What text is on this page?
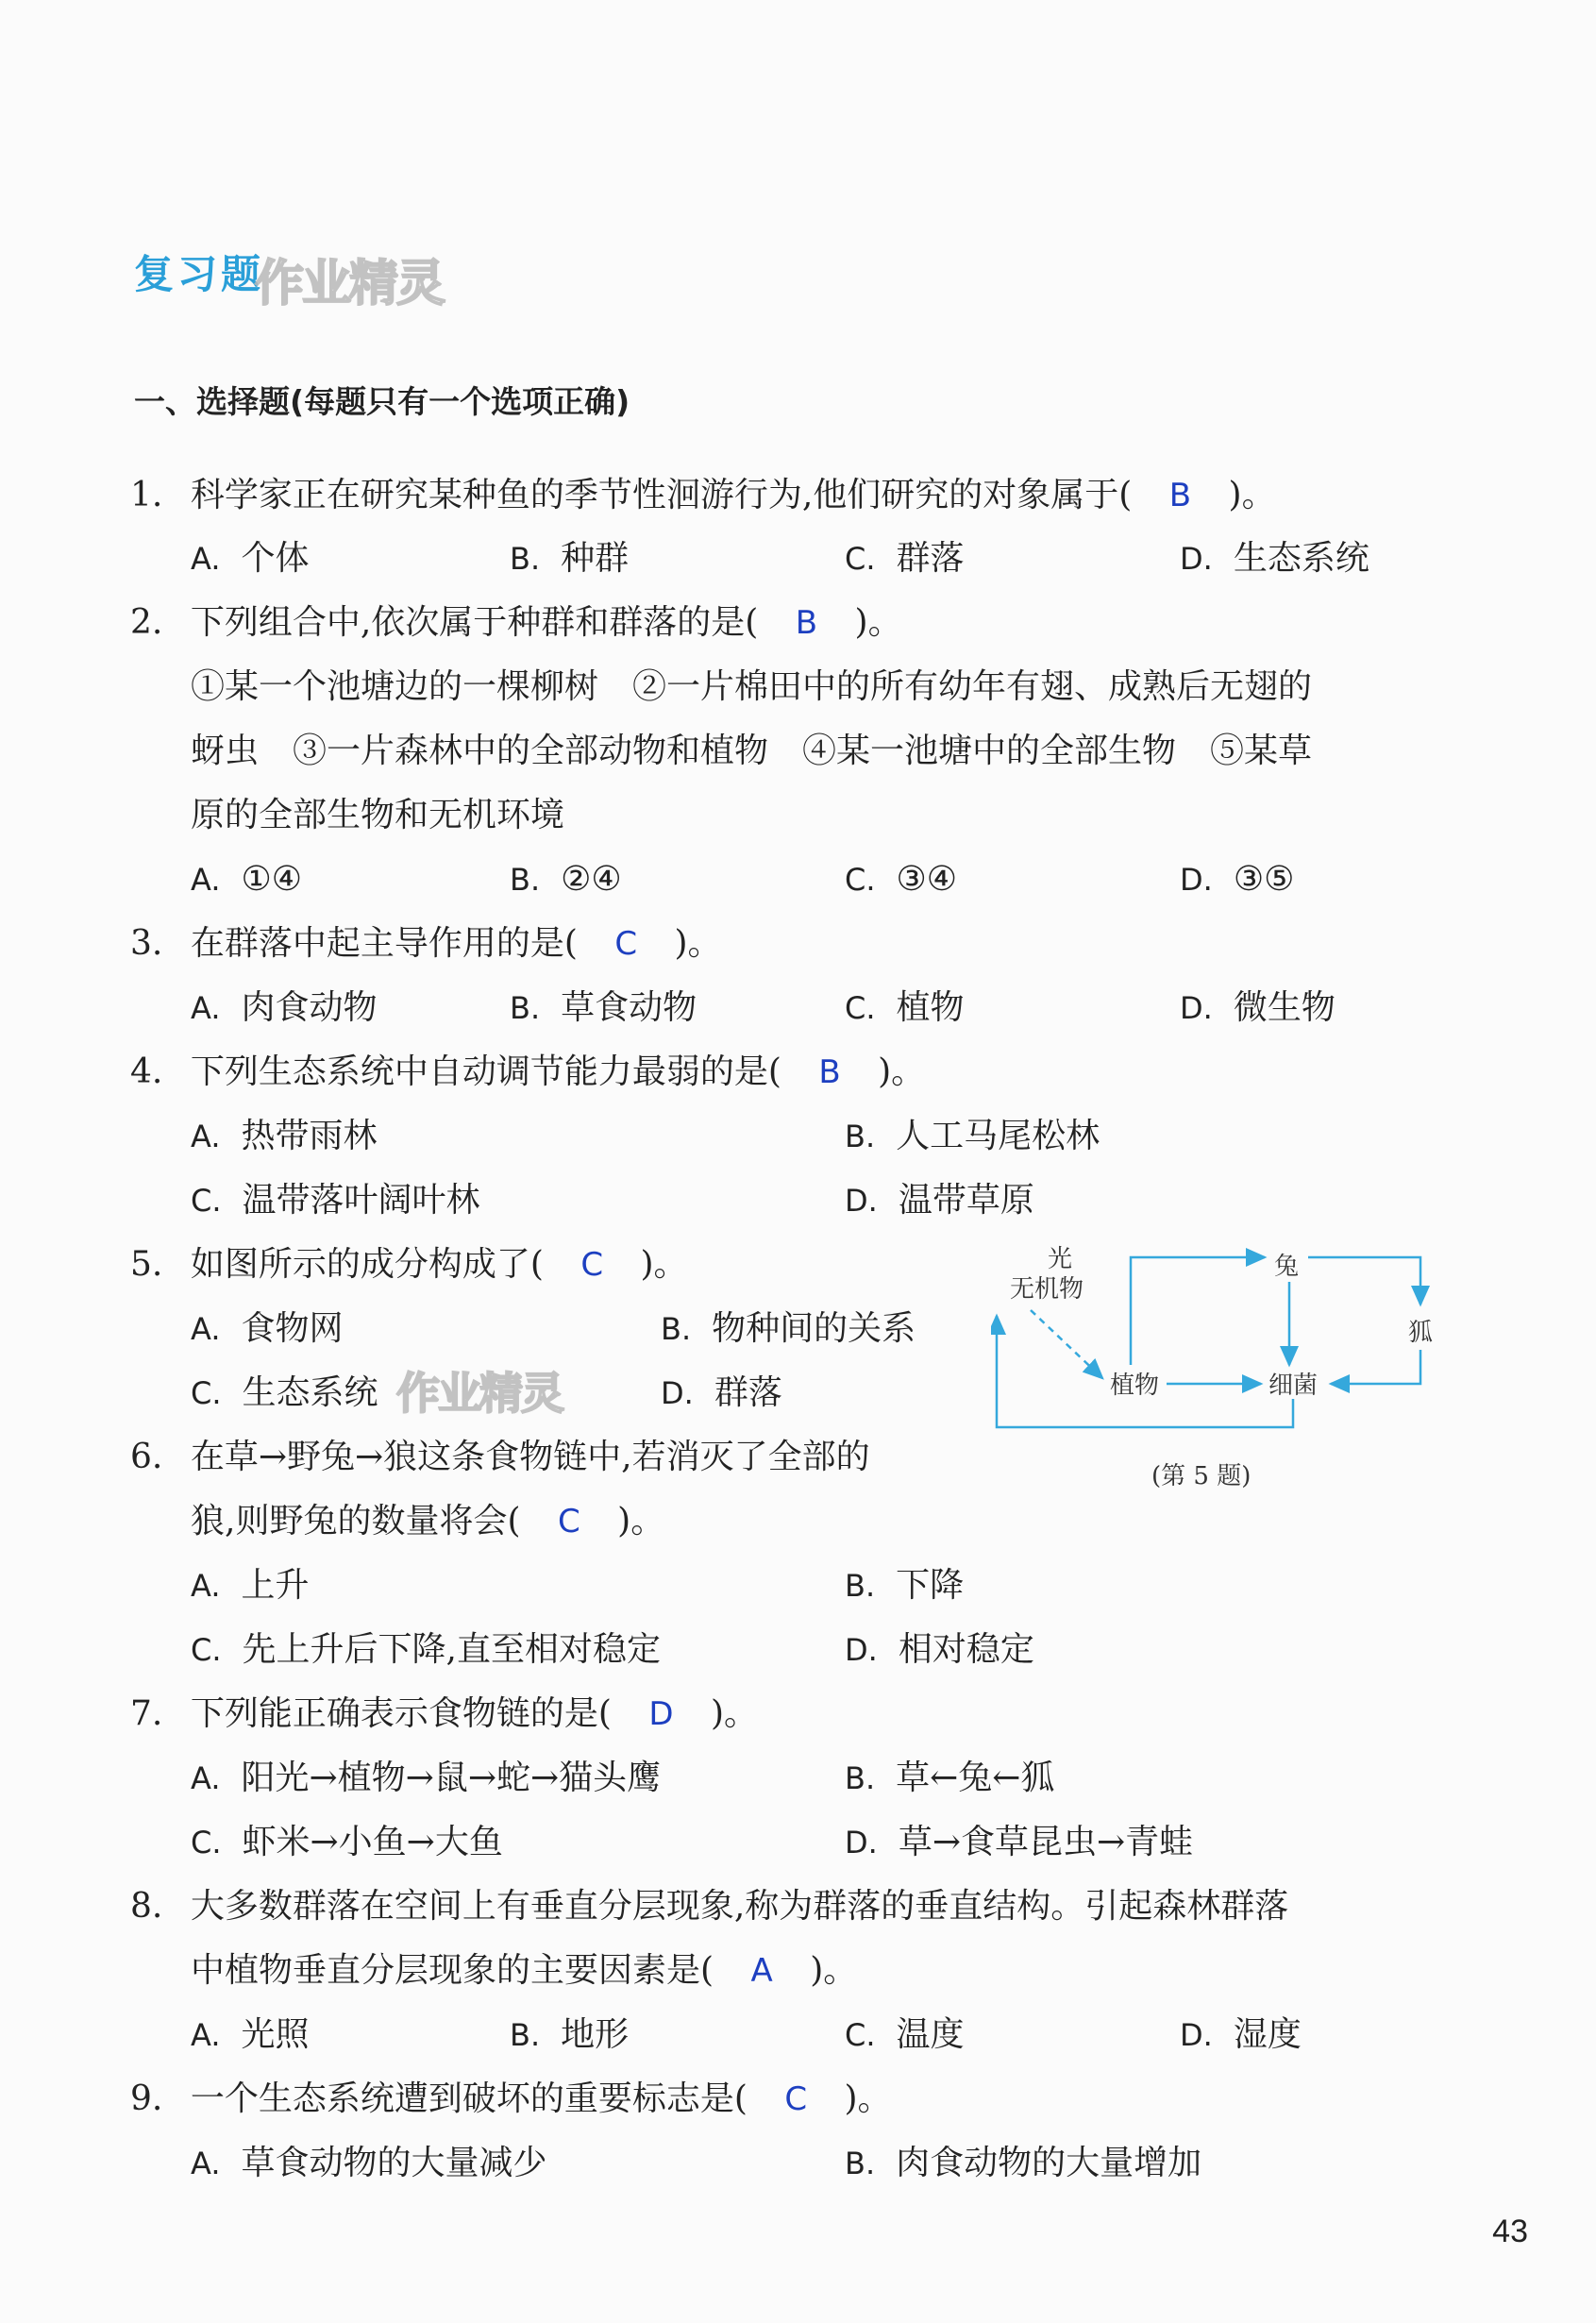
复习题
作业精灵
一、选择题(每题只有一个选项正确)
1. 科学家正在研究某种鱼的季节性洄游行为,他们研究的对象属于( B )。
A. 个体	B. 种群	C. 群落	D. 生态系统
2. 下列组合中,依次属于种群和群落的是( B )。
①某一个池塘边的一棵柳树　②一片棉田中的所有幼年有翅、成熟后无翅的
蚜虫　③一片森林中的全部动物和植物　④某一池塘中的全部生物　⑤某草
原的全部生物和无机环境
A. ①④	B. ②④	C. ③④	D. ③⑤
3. 在群落中起主导作用的是( C )。
A. 肉食动物	B. 草食动物	C. 植物	D. 微生物
4. 下列生态系统中自动调节能力最弱的是( B )。
A. 热带雨林	B. 人工马尾松林
C. 温带落叶阔叶林	D. 温带草原
5. 如图所示的成分构成了( C )。
A. 食物网	B. 物种间的关系
C. 生态系统	D. 群落
作业精灵
光
无机物
兔
狐
植物	细菌
(第 5 题)
6. 在草→野兔→狼这条食物链中,若消灭了全部的
狼,则野兔的数量将会( C )。
A. 上升	B. 下降
C. 先上升后下降,直至相对稳定	D. 相对稳定
7. 下列能正确表示食物链的是( D )。
A. 阳光→植物→鼠→蛇→猫头鹰	B. 草←兔←狐
C. 虾米→小鱼→大鱼	D. 草→食草昆虫→青蛙
8. 大多数群落在空间上有垂直分层现象,称为群落的垂直结构。引起森林群落
中植物垂直分层现象的主要因素是( A )。
A. 光照	B. 地形	C. 温度	D. 湿度
9. 一个生态系统遭到破坏的重要标志是( C )。
A. 草食动物的大量减少	B. 肉食动物的大量增加
43
